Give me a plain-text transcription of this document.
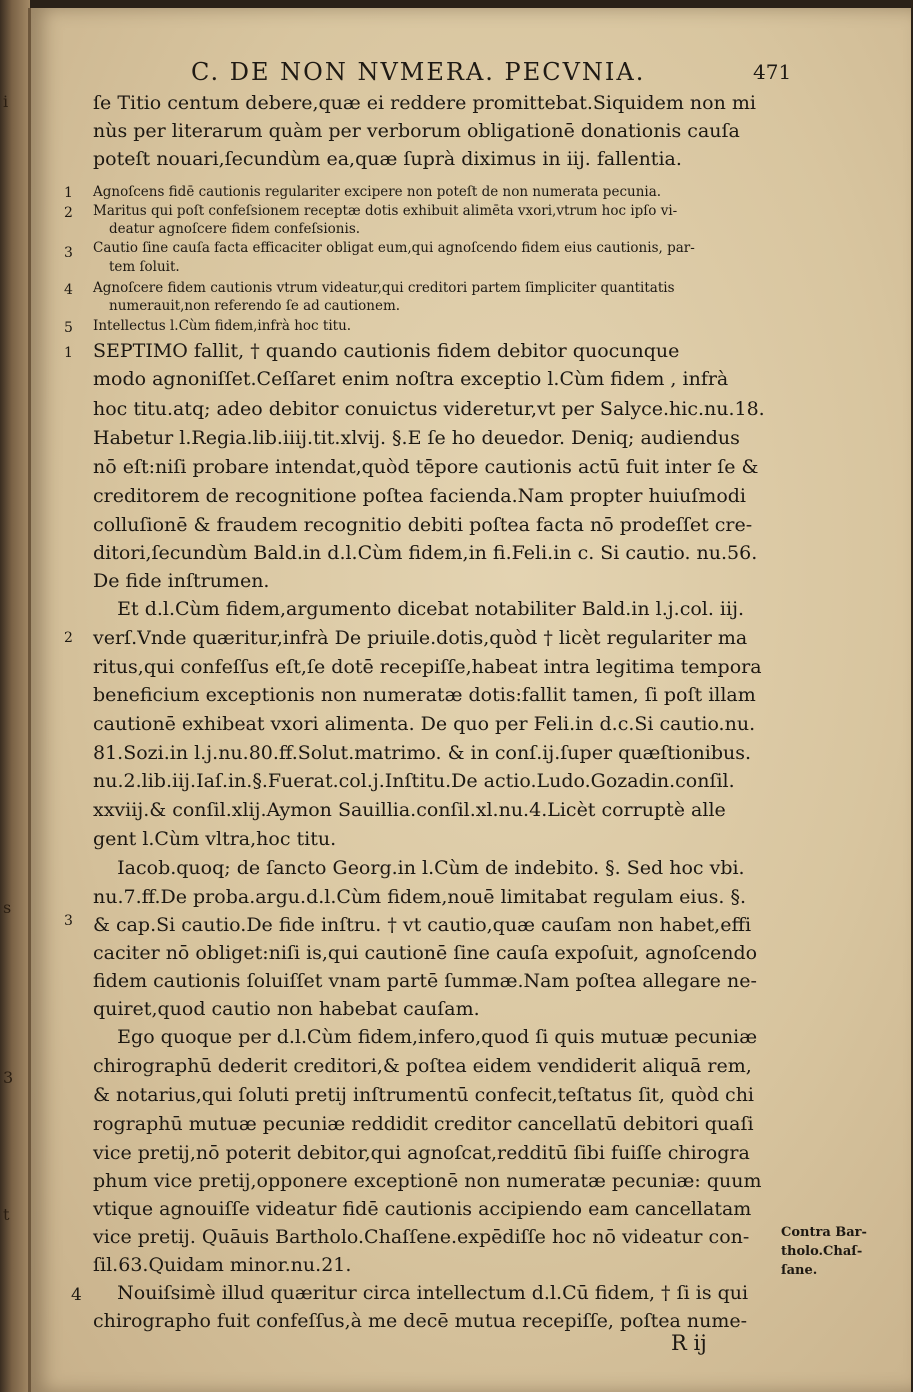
i
s
3
t
C. DE NON NVMERA. PECVNIA.	471
ſe Titio centum debere,quæ ei reddere promittebat.Siquidem non mi
nùs per literarum quàm per verborum obligationē donationis cauſa
poteſt nouari,ſecundùm ea,quæ ſuprà diximus in iij. fallentia.
Agnoſcens fidē cautionis regulariter excipere non poteſt de non numerata pecunia.
Maritus qui poſt confeſsionem receptæ dotis exhibuit alimēta vxori,vtrum hoc ipſo vi-
deatur agnoſcere fidem confeſsionis.
Cautio ſine cauſa facta efficaciter obligat eum,qui agnoſcendo fidem eius cautionis, par-
tem ſoluit.
Agnoſcere fidem cautionis vtrum videatur,qui creditori partem ſimpliciter quantitatis
numerauit,non referendo ſe ad cautionem.
Intellectus l.Cùm fidem,infrà hoc titu.
SEPTIMO fallit, † quando cautionis fidem debitor quocunque
modo agnoniſſet.Ceſſaret enim noſtra exceptio l.Cùm fidem , infrà
hoc titu.atq; adeo debitor conuictus videretur,vt per Salyce.hic.nu.18.
Habetur l.Regia.lib.iiij.tit.xlvij. §.E ſe ho deuedor. Deniq; audiendus
nō eſt:niſi probare intendat,quòd tēpore cautionis actū fuit inter ſe &
creditorem de recognitione poſtea facienda.Nam propter huiuſmodi
colluſionē & fraudem recognitio debiti poſtea facta nō prodeſſet cre-
ditori,ſecundùm Bald.in d.l.Cùm fidem,in fi.Feli.in c. Si cautio. nu.56.
De fide inſtrumen.
Et d.l.Cùm fidem,argumento dicebat notabiliter Bald.in l.j.col. iij.
verſ.Vnde quæritur,infrà De priuile.dotis,quòd † licèt regulariter ma
ritus,qui confeſſus eſt,ſe dotē recepiſſe,habeat intra legitima tempora
beneficium exceptionis non numeratæ dotis:fallit tamen, ſi poſt illam
cautionē exhibeat vxori alimenta. De quo per Feli.in d.c.Si cautio.nu.
81.Sozi.in l.j.nu.80.ff.Solut.matrimo. & in conſ.ij.ſuper quæſtionibus.
nu.2.lib.iij.Iaſ.in.§.Fuerat.col.j.Inſtitu.De actio.Ludo.Gozadin.conſil.
xxviij.& conſil.xlij.Aymon Sauillia.conſil.xl.nu.4.Licèt corruptè alle
gent l.Cùm vltra,hoc titu.
Iacob.quoq; de ſancto Georg.in l.Cùm de indebito. §. Sed hoc vbi.
nu.7.ff.De proba.argu.d.l.Cùm fidem,nouē limitabat regulam eius. §.
& cap.Si cautio.De fide inſtru. † vt cautio,quæ cauſam non habet,effi
caciter nō obliget:niſi is,qui cautionē ſine cauſa expoſuit, agnoſcendo
fidem cautionis ſoluiſſet vnam partē ſummæ.Nam poſtea allegare ne-
quiret,quod cautio non habebat cauſam.
Ego quoque per d.l.Cùm fidem,infero,quod ſi quis mutuæ pecuniæ
chirographū dederit creditori,& poſtea eidem vendiderit aliquā rem,
& notarius,qui ſoluti pretij inſtrumentū confecit,teſtatus ſit, quòd chi
rographū mutuæ pecuniæ reddidit creditor cancellatū debitori quaſi
vice pretij,nō poterit debitor,qui agnoſcat,redditū ſibi fuiſſe chirogra
phum vice pretij,opponere exceptionē non numeratæ pecuniæ: quum
vtique agnouiſſe videatur fidē cautionis accipiendo eam cancellatam
vice pretij. Quāuis Bartholo.Chaſſene.expēdiſſe hoc nō videatur con-
ſil.63.Quidam minor.nu.21.
Nouiſsimè illud quæritur circa intellectum d.l.Cū fidem, † ſi is qui
chirographo fuit confeſſus,à me decē mutua recepiſſe, poſtea nume-
1
2
3
4
5
1
2
3
4
Contra Bar-
tholo.Chaſ-
ſane.
R ij
